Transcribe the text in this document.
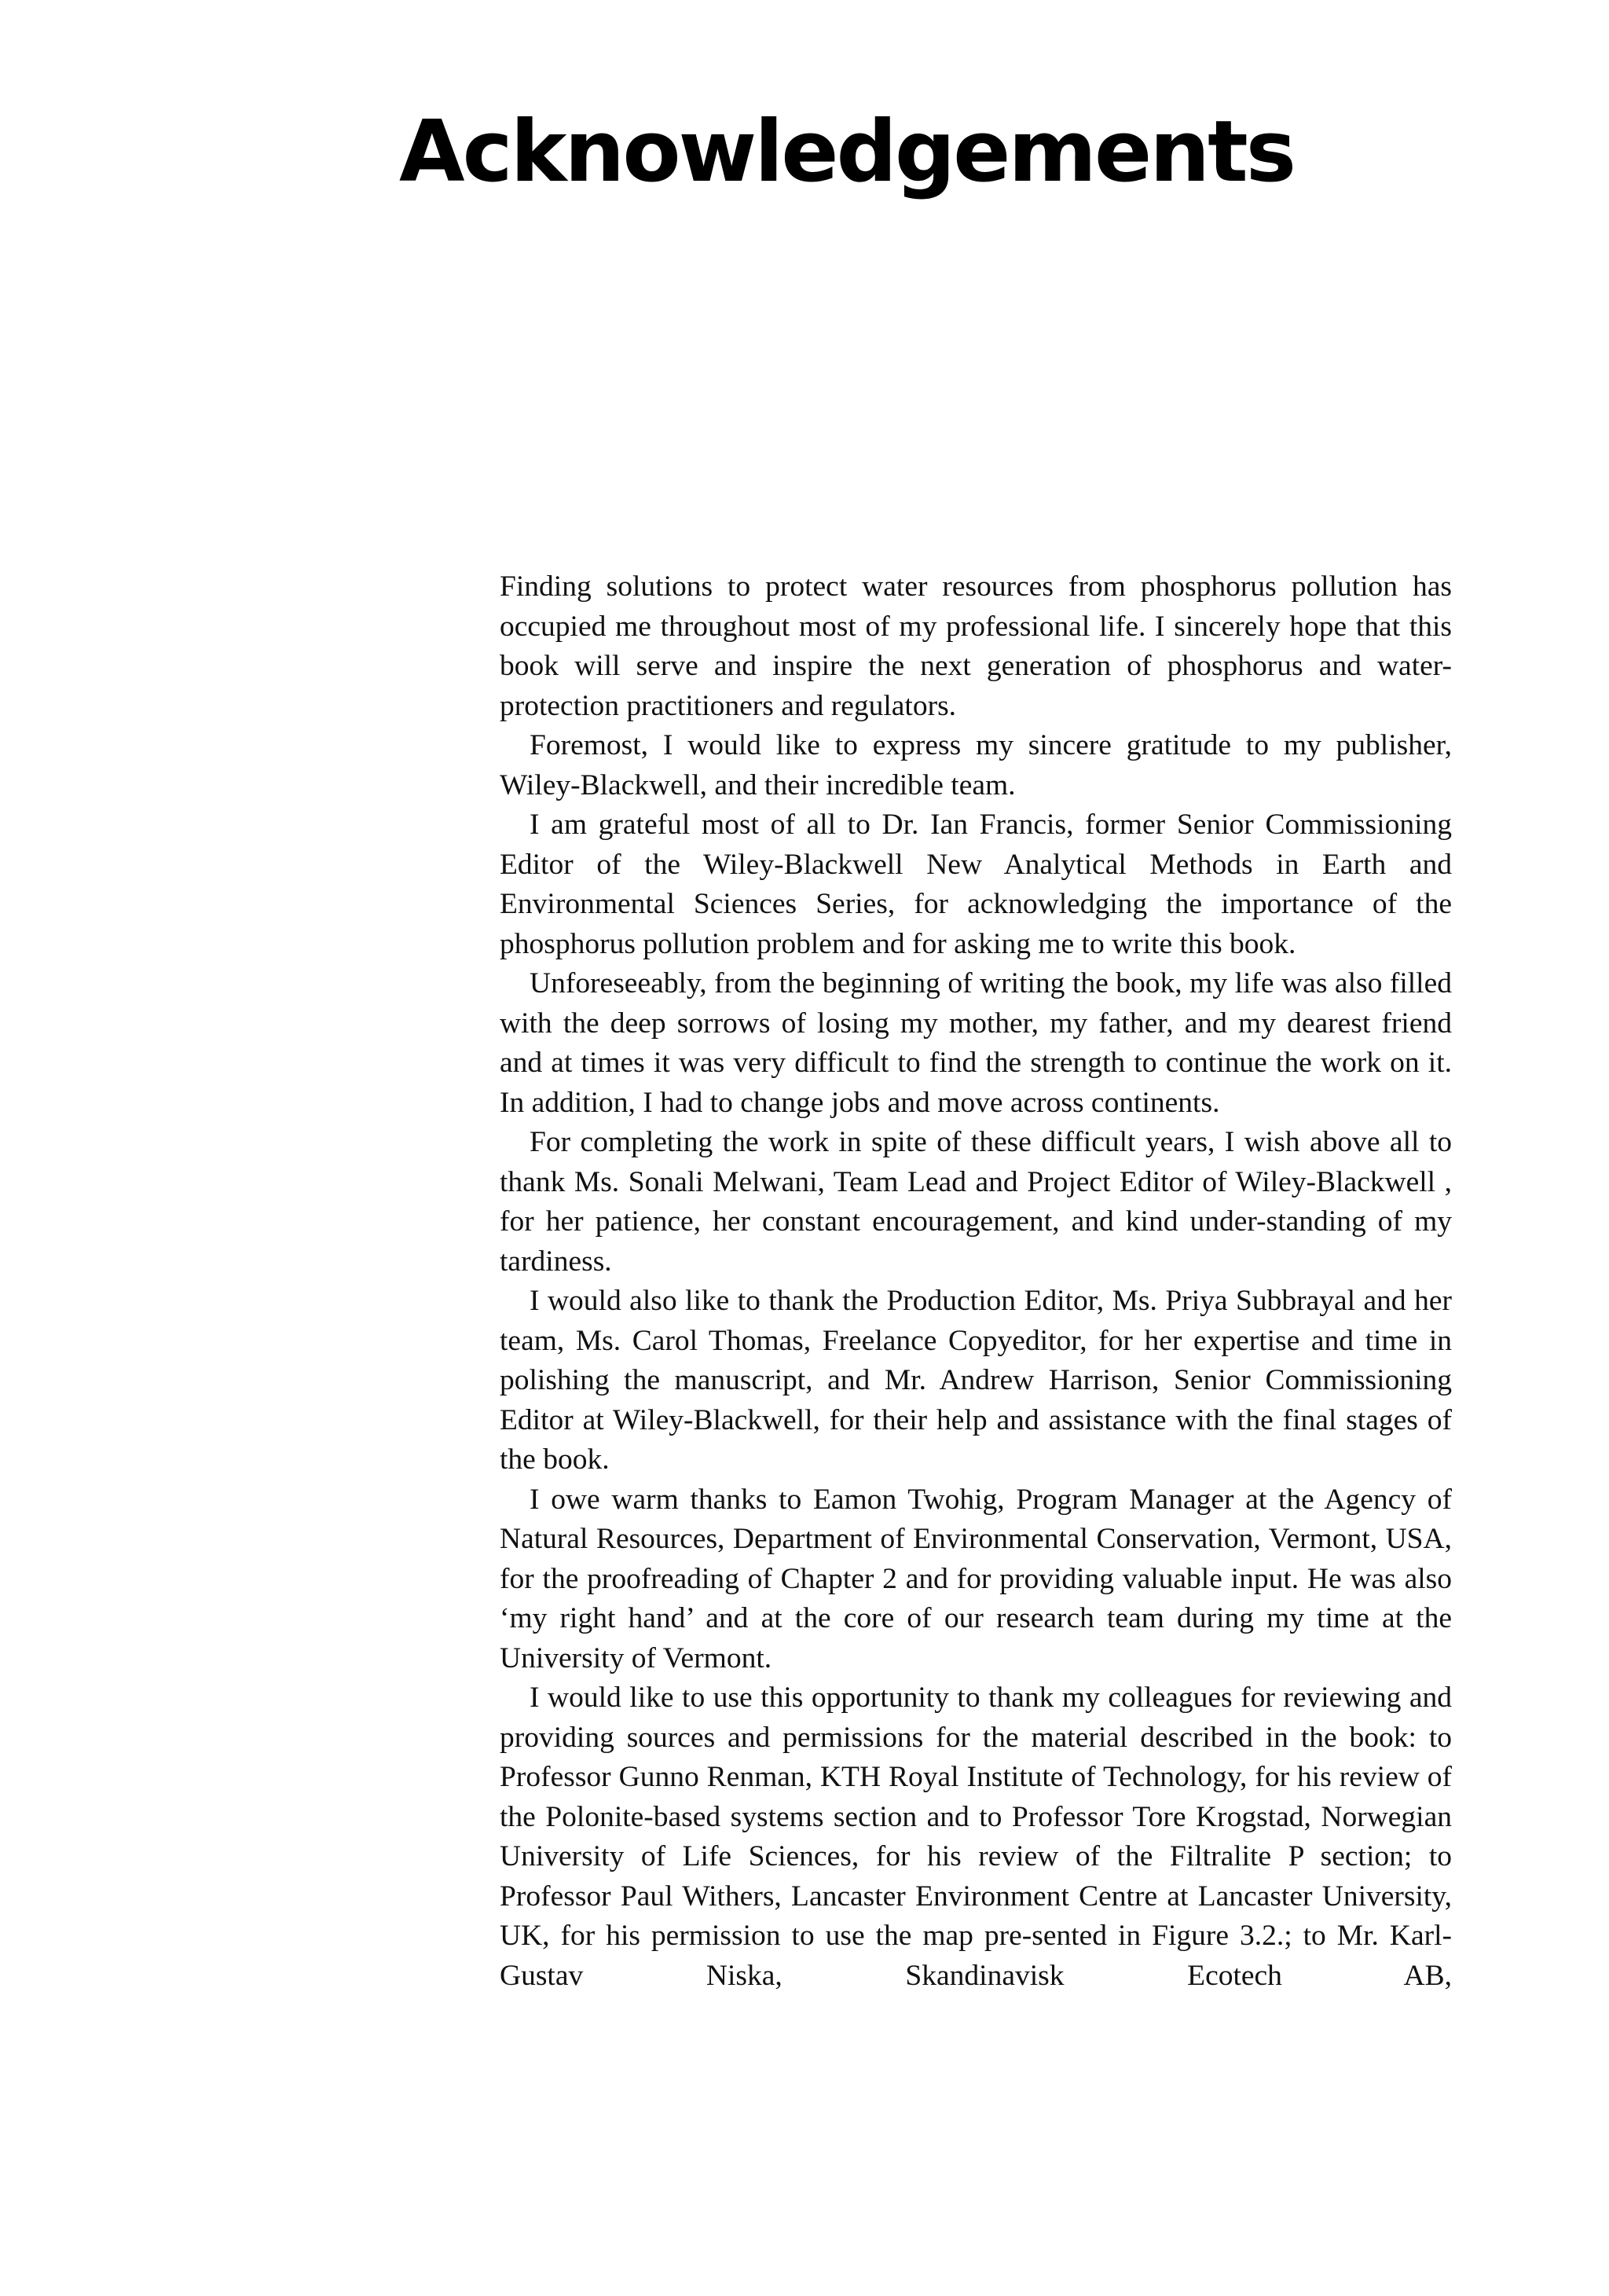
Acknowledgements

Finding solutions to protect water resources from phosphorus pollution has occupied me throughout most of my professional life. I sincerely hope that this book will serve and inspire the next generation of phosphorus and water-protection practitioners and regulators.

Foremost, I would like to express my sincere gratitude to my publisher, Wiley-Blackwell, and their incredible team.

I am grateful most of all to Dr. Ian Francis, former Senior Commissioning Editor of the Wiley-Blackwell New Analytical Methods in Earth and Environmental Sciences Series, for acknowledging the importance of the phosphorus pollution problem and for asking me to write this book.

Unforeseeably, from the beginning of writing the book, my life was also filled with the deep sorrows of losing my mother, my father, and my dearest friend and at times it was very difficult to find the strength to continue the work on it. In addition, I had to change jobs and move across continents.

For completing the work in spite of these difficult years, I wish above all to thank Ms. Sonali Melwani, Team Lead and Project Editor of Wiley-Blackwell , for her patience, her constant encouragement, and kind under-standing of my tardiness.

I would also like to thank the Production Editor, Ms. Priya Subbrayal and her team, Ms. Carol Thomas, Freelance Copyeditor, for her expertise and time in polishing the manuscript, and Mr. Andrew Harrison, Senior Commissioning Editor at Wiley-Blackwell, for their help and assistance with the final stages of the book.

I owe warm thanks to Eamon Twohig, Program Manager at the Agency of Natural Resources, Department of Environmental Conservation, Vermont, USA, for the proofreading of Chapter 2 and for providing valuable input. He was also ‘my right hand’ and at the core of our research team during my time at the University of Vermont.

I would like to use this opportunity to thank my colleagues for reviewing and providing sources and permissions for the material described in the book: to Professor Gunno Renman, KTH Royal Institute of Technology, for his review of the Polonite-based systems section and to Professor Tore Krogstad, Norwegian University of Life Sciences, for his review of the Filtralite P section; to Professor Paul Withers, Lancaster Environment Centre at Lancaster University, UK, for his permission to use the map pre-sented in Figure 3.2.; to Mr. Karl-Gustav Niska, Skandinavisk Ecotech AB,
